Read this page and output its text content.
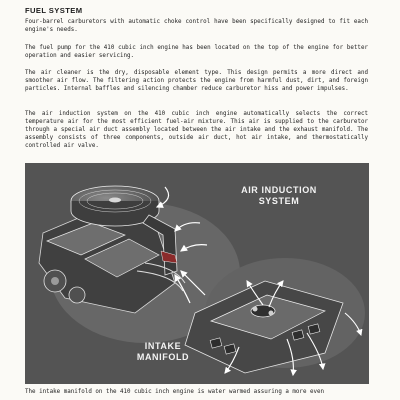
FUEL SYSTEM

Four-barrel carburetors with automatic choke control have been specifically designed to fit each engine's needs.

The fuel pump for the 410 cubic inch engine has been located on the top of the engine for better operation and easier servicing.

The air cleaner is the dry, disposable element type. This design permits a more direct and smoother air flow. The filtering action protects the engine from harmful dust, dirt, and foreign particles. Internal baffles and silencing chamber reduce carburetor hiss and power impulses.

The air induction system on the 410 cubic inch engine automatically selects the correct temperature air for the most efficient fuel-air mixture. This air is supplied to the carburetor through a special air duct assembly located between the air intake and the exhaust manifold. The assembly consists of three components, outside air duct, hot air intake, and thermostatically controlled air valve.

AIR INDUCTION
SYSTEM
INTAKE
MANIFOLD

The intake manifold on the 410 cubic inch engine is water warmed assuring a more even
